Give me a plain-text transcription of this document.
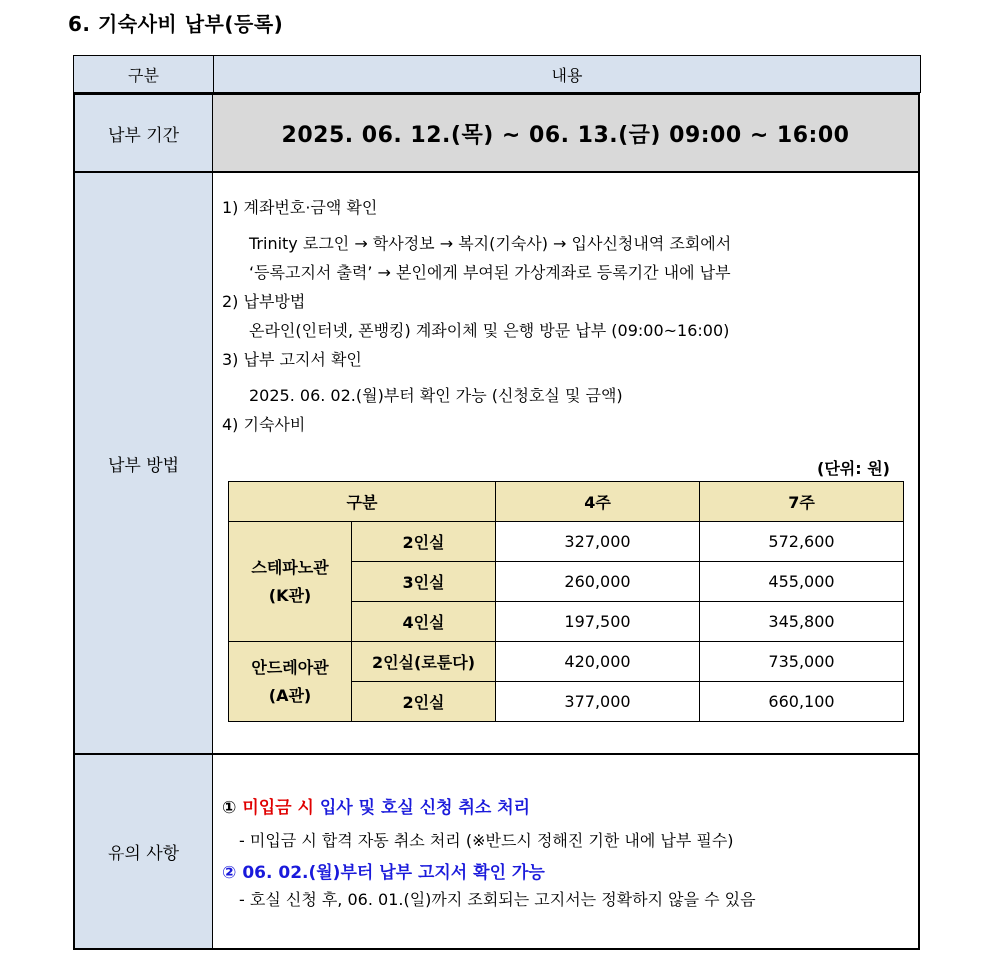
6. 기숙사비 납부(등록)
구분	내용
납부 기간	2025. 06. 12.(목) ~ 06. 13.(금) 09:00 ~ 16:00
납부 방법
1) 계좌번호·금액 확인
Trinity 로그인 → 학사정보 → 복지(기숙사) → 입사신청내역 조회에서
‘등록고지서 출력’ → 본인에게 부여된 가상계좌로 등록기간 내에 납부
2) 납부방법
온라인(인터넷, 폰뱅킹) 계좌이체 및 은행 방문 납부 (09:00~16:00)
3) 납부 고지서 확인
2025. 06. 02.(월)부터 확인 가능 (신청호실 및 금액)
4) 기숙사비
(단위: 원)
구분		4주	7주

스테파노관
(K관)	2인실	327,000	572,600
	3인실	260,000	455,000
	4인실	197,500	345,800

안드레아관
(A관)	2인실(로툰다)	420,000	735,000
	2인실	377,000	660,100
유의 사항
① 미입금 시 입사 및 호실 신청 취소 처리
- 미입금 시 합격 자동 취소 처리 (※반드시 정해진 기한 내에 납부 필수)
② 06. 02.(월)부터 납부 고지서 확인 가능
- 호실 신청 후, 06. 01.(일)까지 조회되는 고지서는 정확하지 않을 수 있음
